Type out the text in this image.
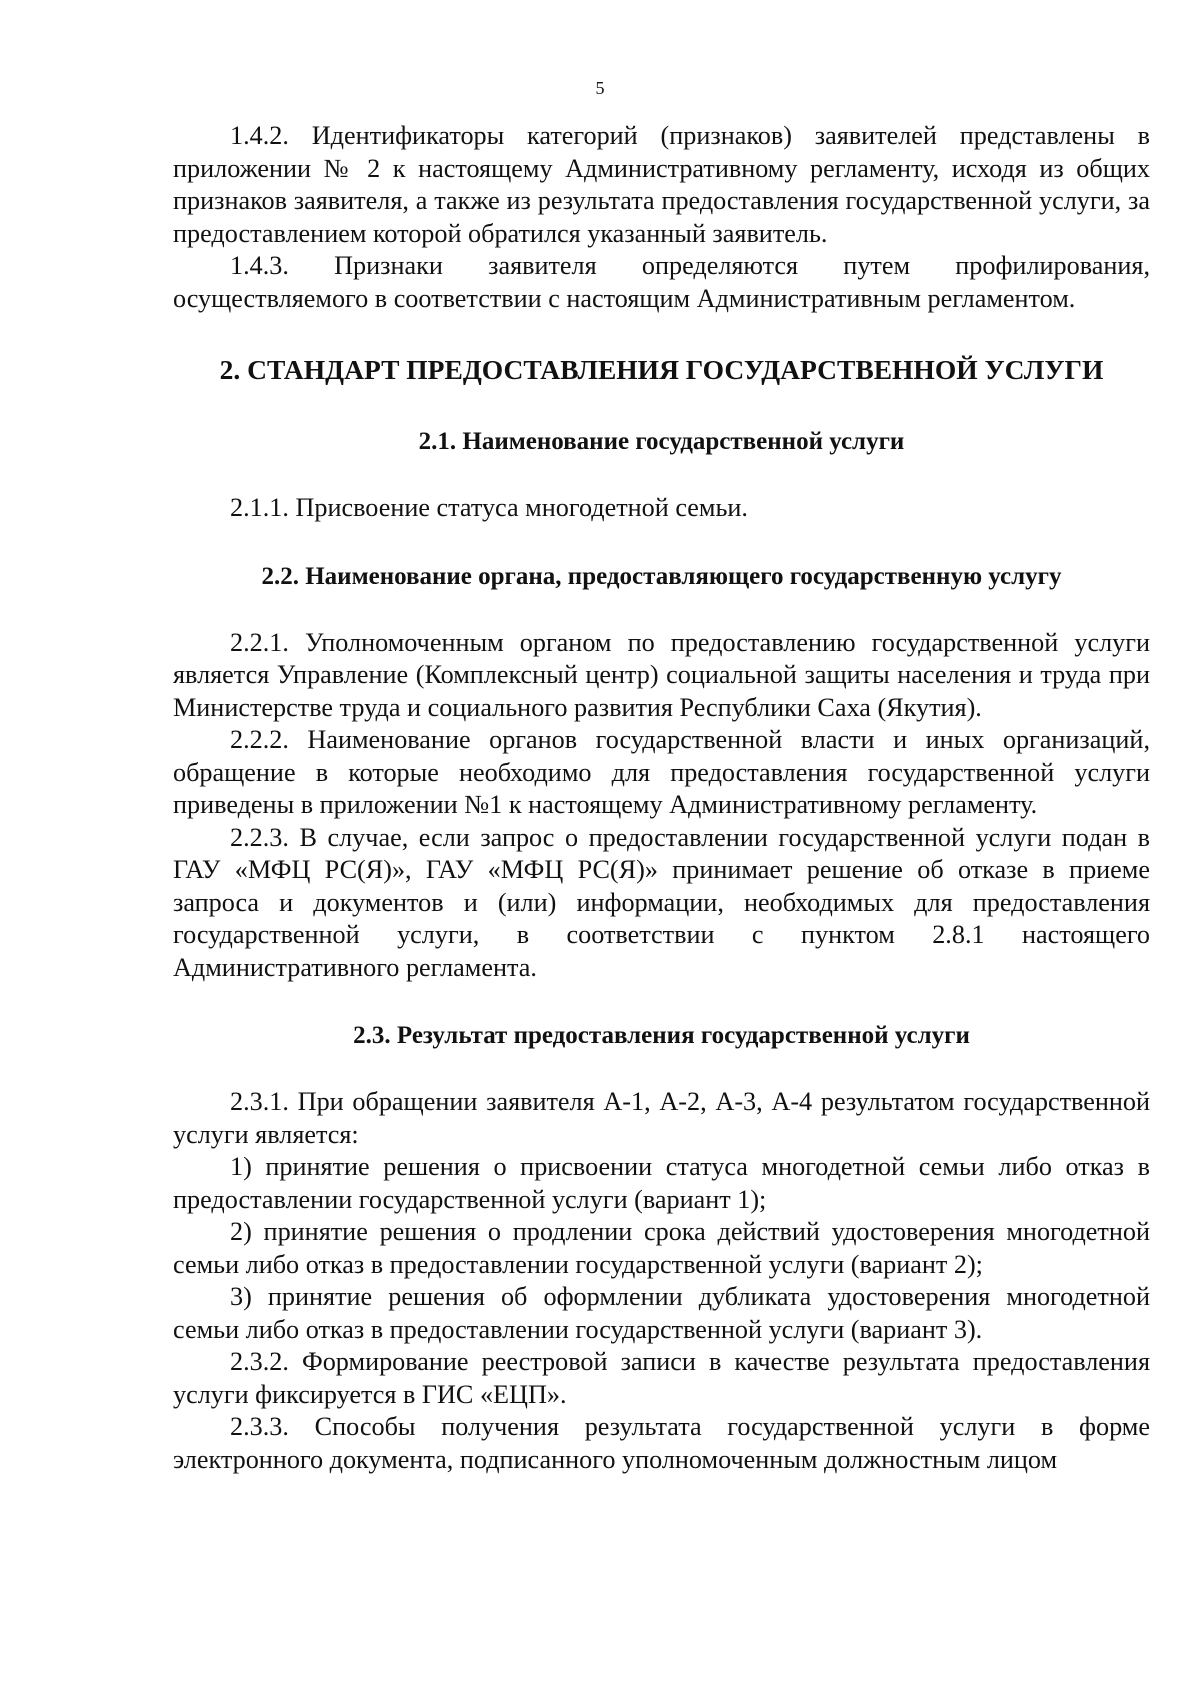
5

1.4.2. Идентификаторы категорий (признаков) заявителей представлены в приложении № 2 к настоящему Административному регламенту, исходя из общих признаков заявителя, а также из результата предоставления государственной услуги, за предоставлением которой обратился указанный заявитель.

1.4.3. Признаки заявителя определяются путем профилирования, осуществляемого в соответствии с настоящим Административным регламентом.

2. СТАНДАРТ ПРЕДОСТАВЛЕНИЯ ГОСУДАРСТВЕННОЙ УСЛУГИ
2.1. Наименование государственной услуги

2.1.1. Присвоение статуса многодетной семьи.

2.2. Наименование органа, предоставляющего государственную услугу

2.2.1. Уполномоченным органом по предоставлению государственной услуги является Управление (Комплексный центр) социальной защиты населения и труда при Министерстве труда и социального развития Республики Саха (Якутия).

2.2.2. Наименование органов государственной власти и иных организаций, обращение в которые необходимо для предоставления государственной услуги приведены в приложении №1 к настоящему Административному регламенту.

2.2.3. В случае, если запрос о предоставлении государственной услуги подан в ГАУ «МФЦ РС(Я)», ГАУ «МФЦ РС(Я)» принимает решение об отказе в приеме запроса и документов и (или) информации, необходимых для предоставления государственной услуги, в соответствии с пунктом 2.8.1 настоящего Административного регламента.

2.3. Результат предоставления государственной услуги

2.3.1. При обращении заявителя А-1, А-2, А-3, А-4 результатом государственной услуги является:

1) принятие решения о присвоении статуса многодетной семьи либо отказ в предоставлении государственной услуги (вариант 1);

2) принятие решения о продлении срока действий удостоверения многодетной семьи либо отказ в предоставлении государственной услуги (вариант 2);

3) принятие решения об оформлении дубликата удостоверения многодетной семьи либо отказ в предоставлении государственной услуги (вариант 3).

2.3.2. Формирование реестровой записи в качестве результата предоставления услуги фиксируется в ГИС «ЕЦП».

2.3.3. Способы получения результата государственной услуги в форме электронного документа, подписанного уполномоченным должностным лицом
